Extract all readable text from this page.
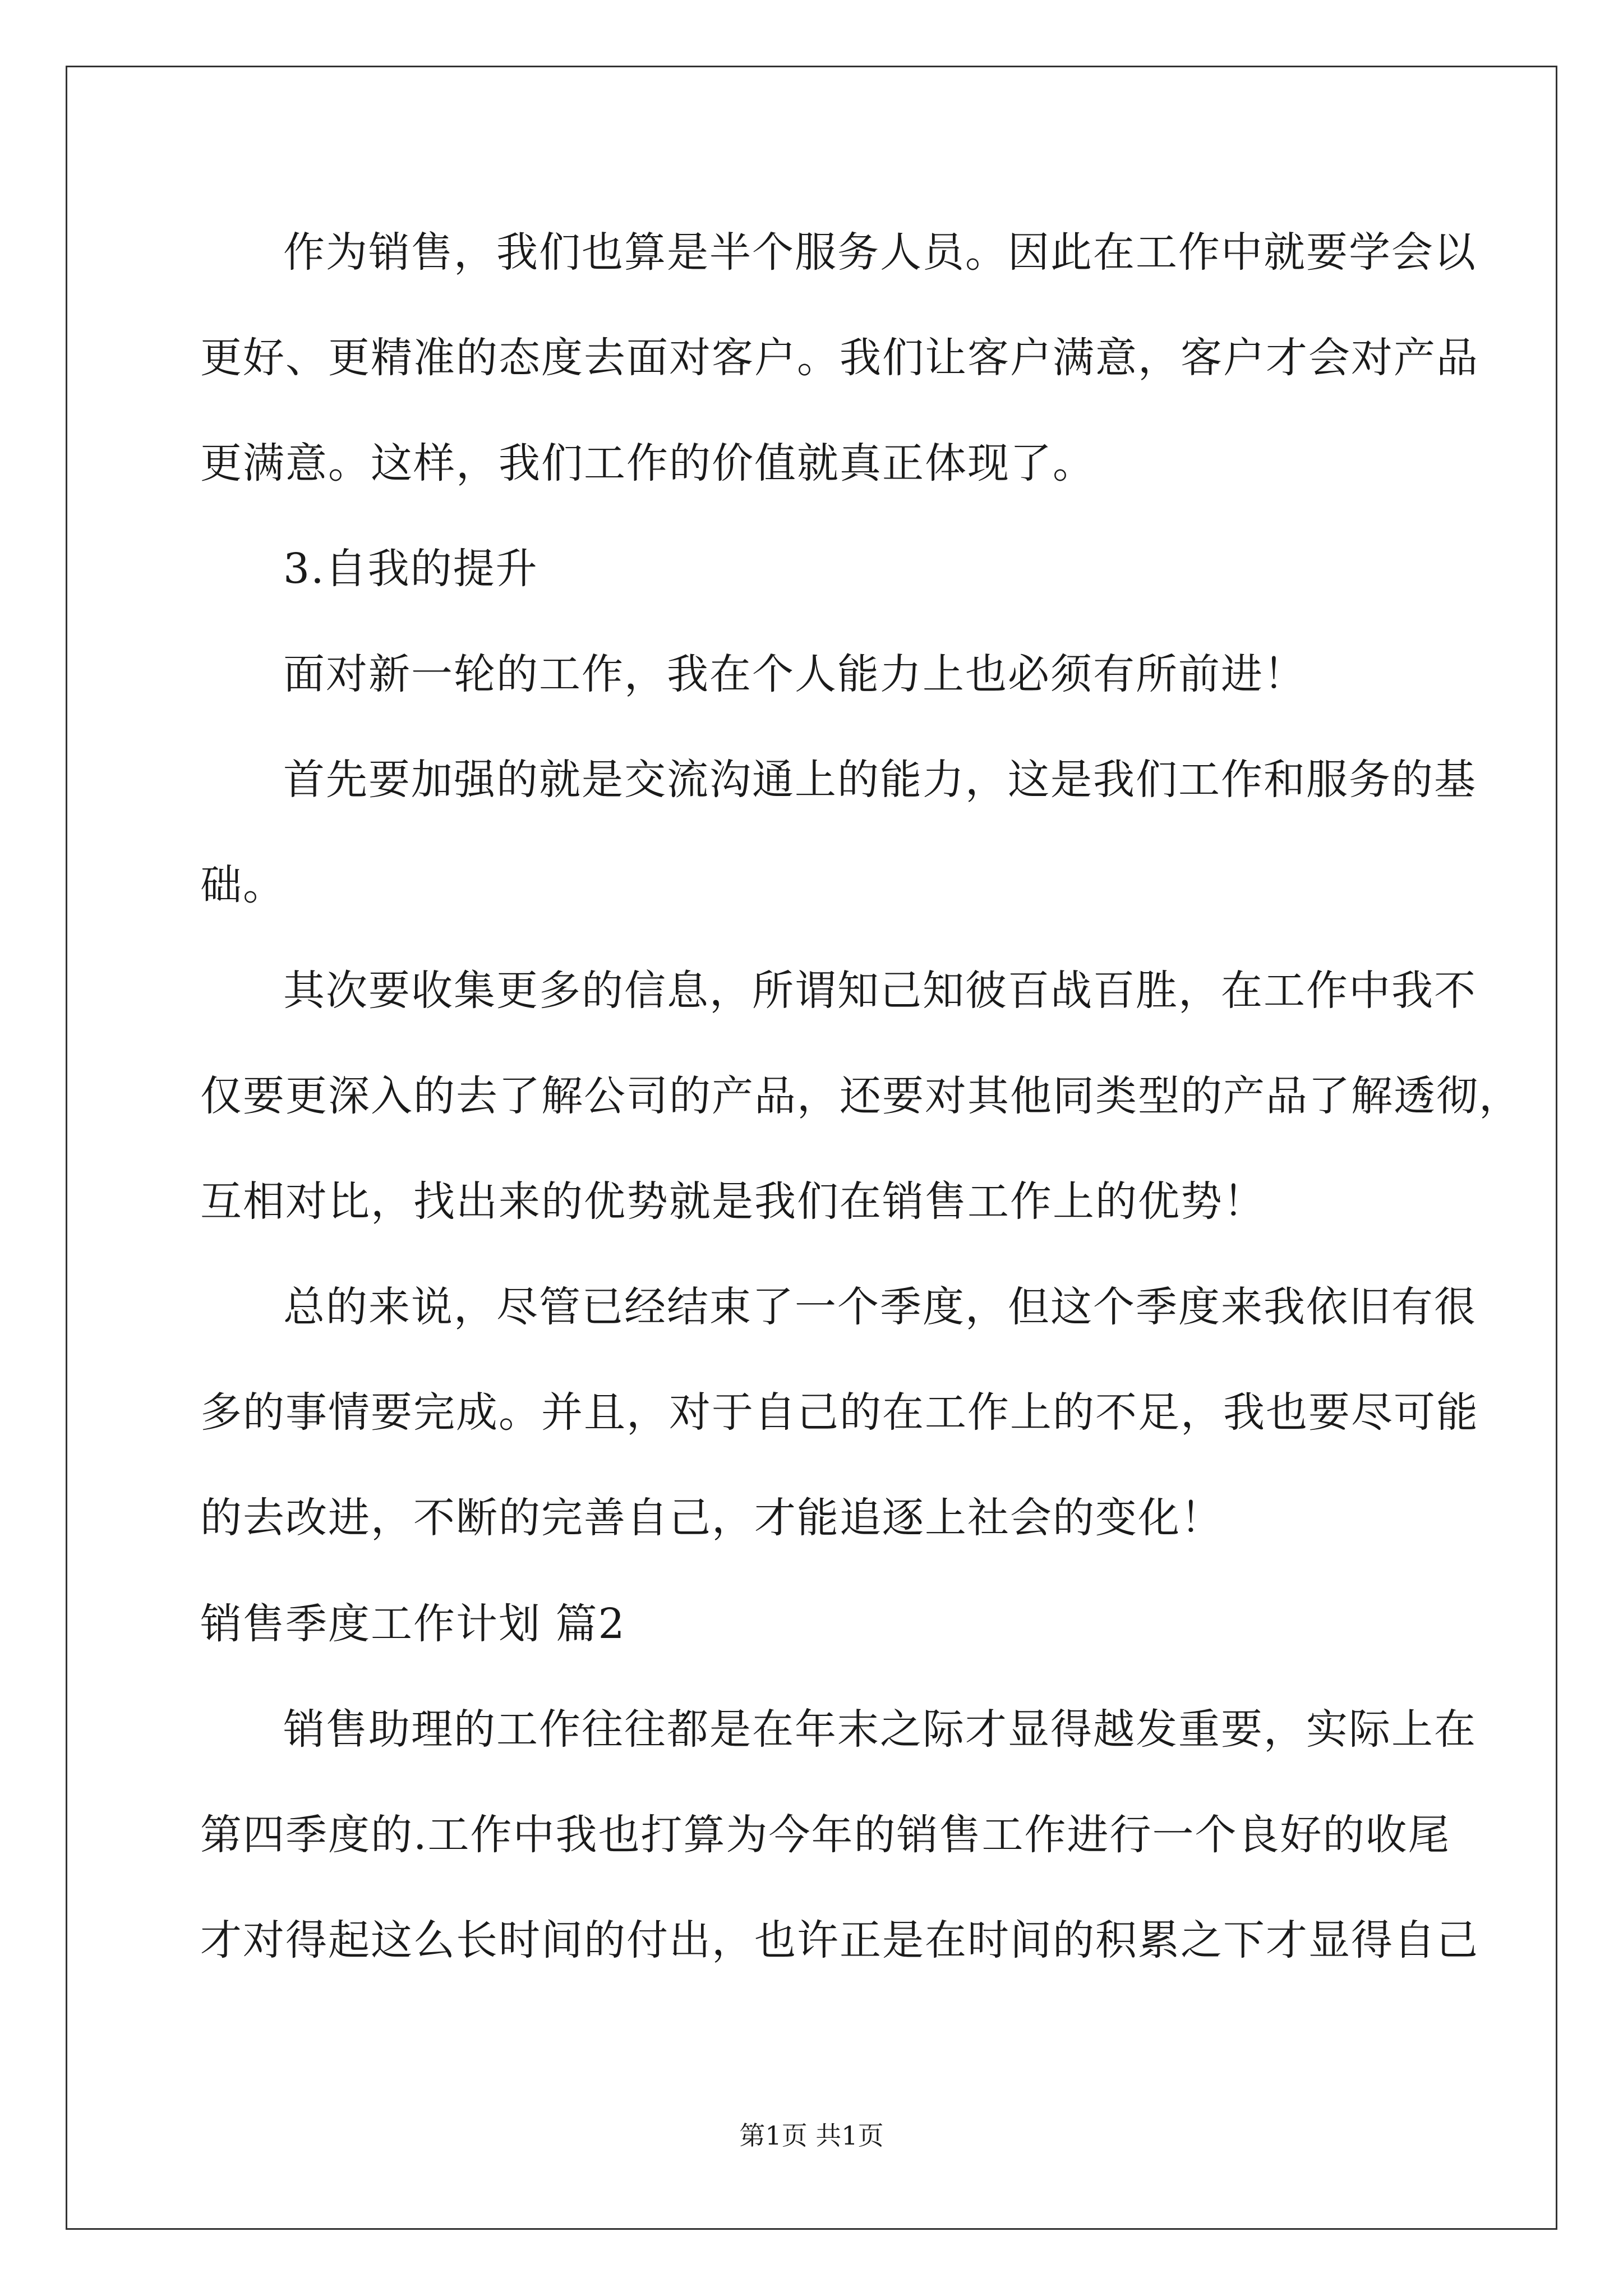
作为销售，我们也算是半个服务人员。因此在工作中就要学会以
更好、更精准的态度去面对客户。我们让客户满意，客户才会对产品
更满意。这样，我们工作的价值就真正体现了。
3.自我的提升
面对新一轮的工作，我在个人能力上也必须有所前进！
首先要加强的就是交流沟通上的能力，这是我们工作和服务的基
础。
其次要收集更多的信息，所谓知己知彼百战百胜，在工作中我不
仅要更深入的去了解公司的产品，还要对其他同类型的产品了解透彻，
互相对比，找出来的优势就是我们在销售工作上的优势！
总的来说，尽管已经结束了一个季度，但这个季度来我依旧有很
多的事情要完成。并且，对于自己的在工作上的不足，我也要尽可能
的去改进，不断的完善自己，才能追逐上社会的变化！
销售季度工作计划 篇2
销售助理的工作往往都是在年末之际才显得越发重要，实际上在
第四季度的.工作中我也打算为今年的销售工作进行一个良好的收尾
才对得起这么长时间的付出，也许正是在时间的积累之下才显得自己
第1页 共1页
